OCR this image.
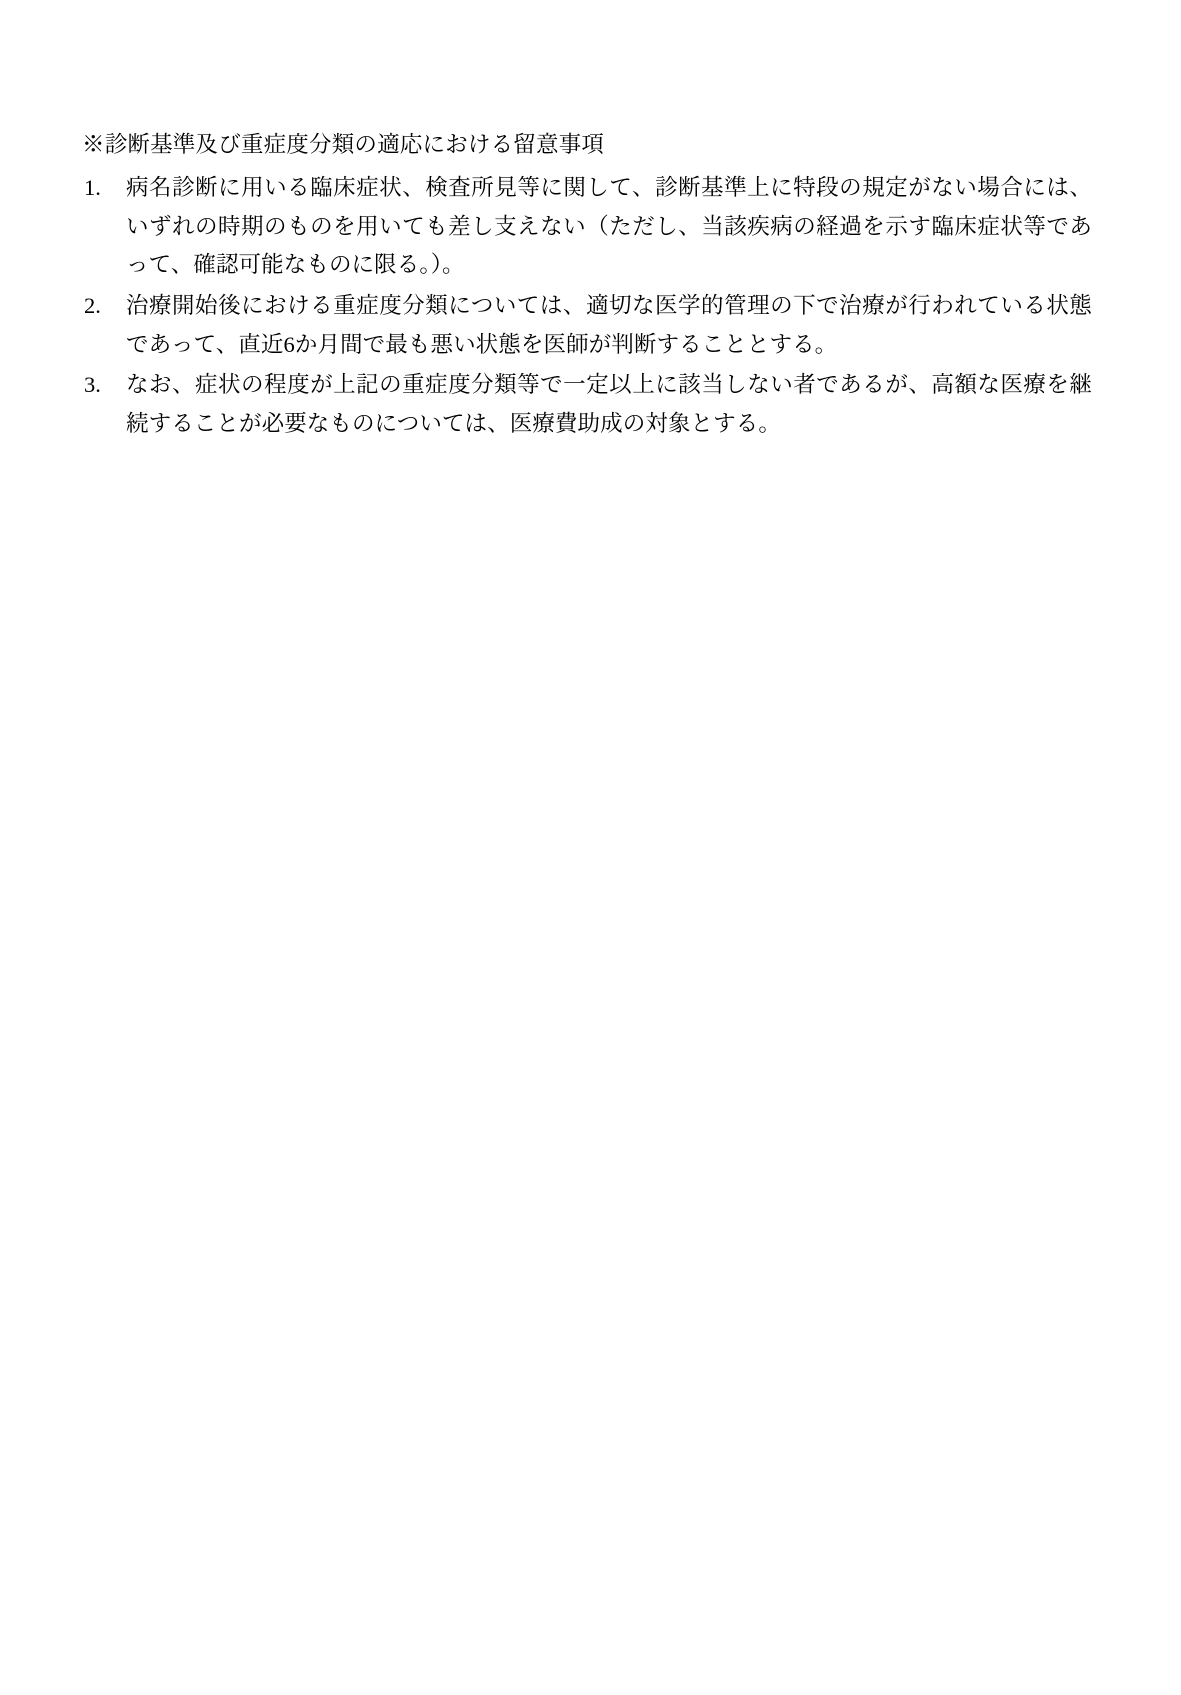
※診断基準及び重症度分類の適応における留意事項

1.	病名診断に用いる臨床症状、検査所見等に関して、診断基準上に特段の規定がない場合には、いずれの時期のものを用いても差し支えない（ただし、当該疾病の経過を示す臨床症状等であって、確認可能なものに限る。）。
2.	治療開始後における重症度分類については、適切な医学的管理の下で治療が行われている状態であって、直近6か月間で最も悪い状態を医師が判断することとする。
3.	なお、症状の程度が上記の重症度分類等で一定以上に該当しない者であるが、高額な医療を継続することが必要なものについては、医療費助成の対象とする。
